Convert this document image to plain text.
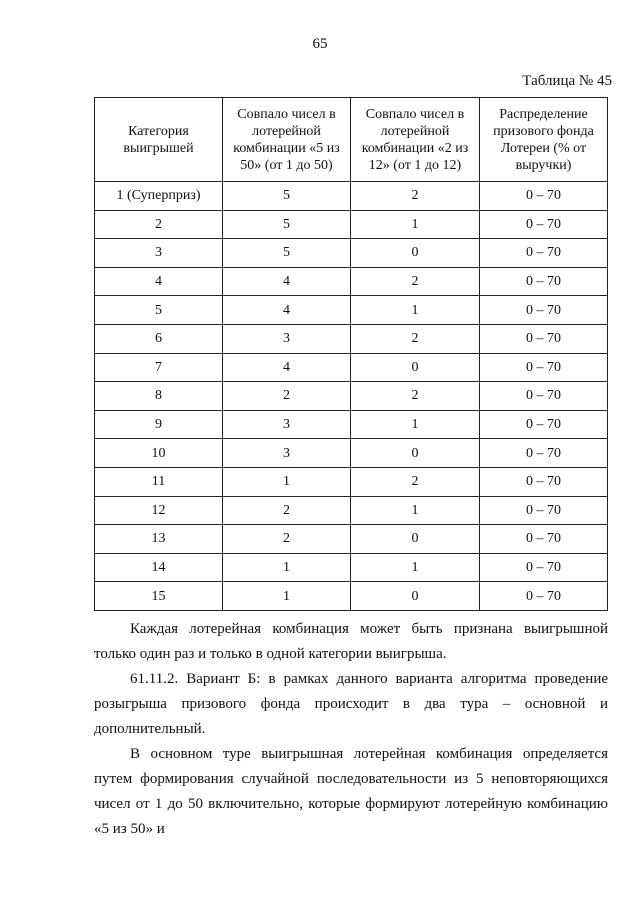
65
Таблица № 45
Категория выигрышей	Совпало чисел в лотерейной комбинации «5 из 50» (от 1 до 50)	Совпало чисел в лотерейной комбинации «2 из 12» (от 1 до 12)	Распределение призового фонда Лотереи (% от выручки)
1 (Суперприз)	5	2	0 – 70
2	5	1	0 – 70
3	5	0	0 – 70
4	4	2	0 – 70
5	4	1	0 – 70
6	3	2	0 – 70
7	4	0	0 – 70
8	2	2	0 – 70
9	3	1	0 – 70
10	3	0	0 – 70
11	1	2	0 – 70
12	2	1	0 – 70
13	2	0	0 – 70
14	1	1	0 – 70
15	1	0	0 – 70

Каждая лотерейная комбинация может быть признана выигрышной только один раз и только в одной категории выигрыша.

61.11.2. Вариант Б: в рамках данного варианта алгоритма проведение розыгрыша призового фонда происходит в два тура – основной и дополнительный.

В основном туре выигрышная лотерейная комбинация определяется путем формирования случайной последовательности из 5 неповторяющихся чисел от 1 до 50 включительно, которые формируют лотерейную комбинацию «5 из 50» и
